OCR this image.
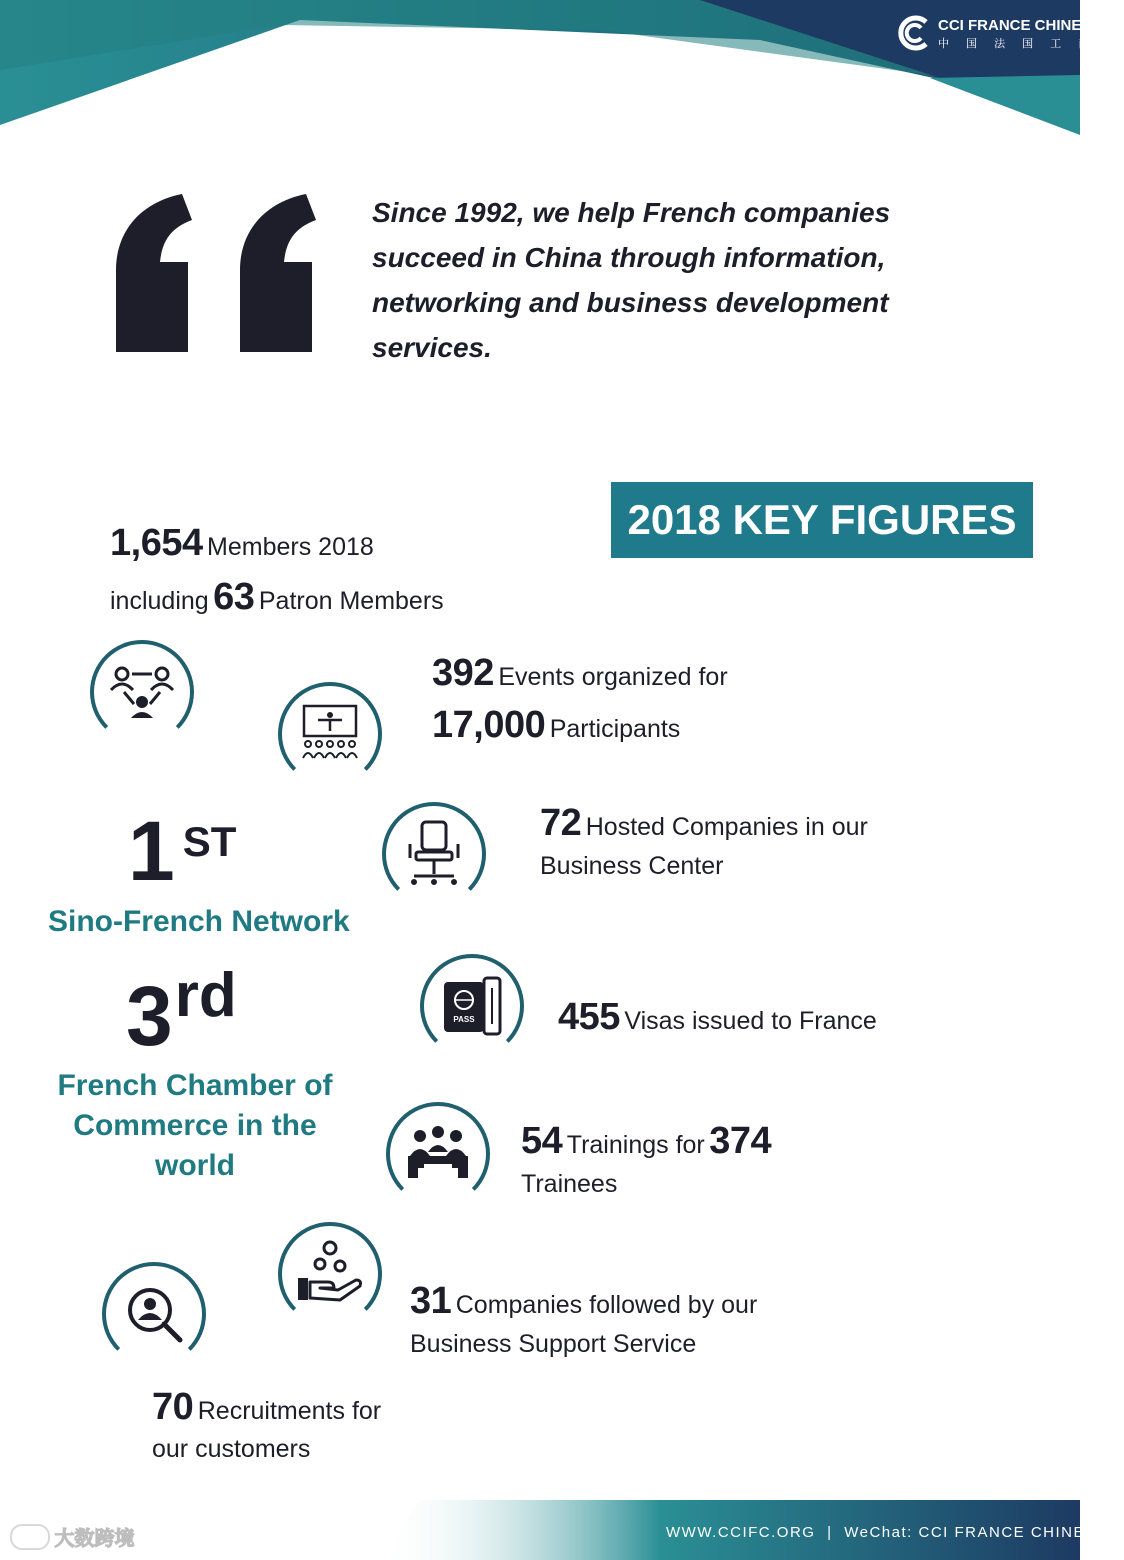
CCI FRANCE CHINE
中 国 法 国 工 商 会
Since 1992, we help French companies
succeed in China through information,
networking and business development
services.
2018 KEY FIGURES
1,654 Members 2018
including 63 Patron Members
392 Events organized for
17,000 Participants
1 ST
Sino-French Network
72 Hosted Companies in our
Business Center
3rd
French Chamber of
Commerce in the
world
PASS 455 Visas issued to France
54 Trainings for 374
Trainees
31 Companies followed by our
Business Support Service
70 Recruitments for
our customers
WWW.CCIFC.ORG | WeChat: CCI FRANCE CHINE
大数跨境
